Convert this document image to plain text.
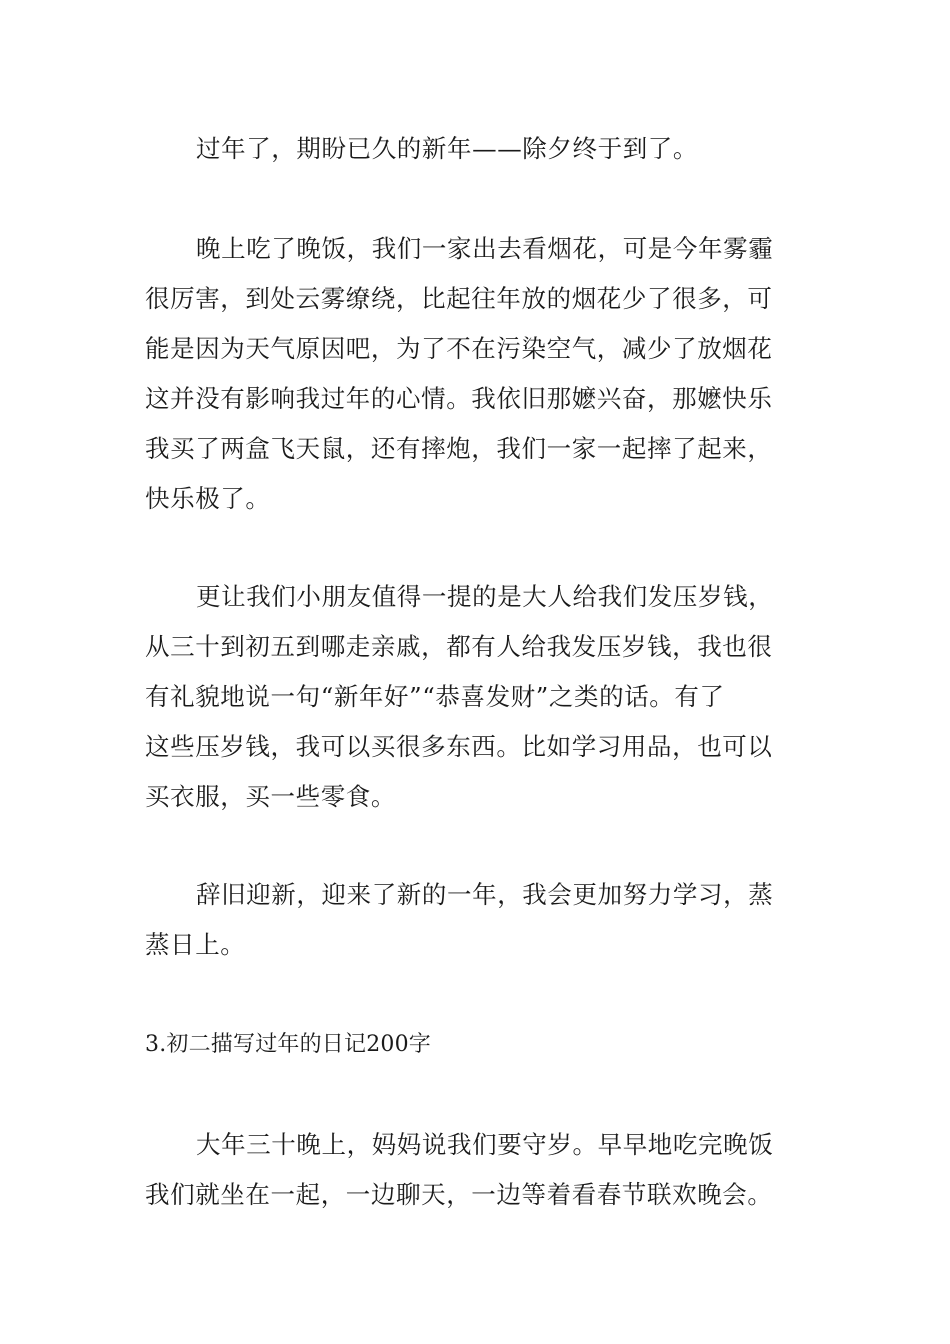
过年了，期盼已久的新年——除夕终于到了。
晚上吃了晚饭，我们一家出去看烟花，可是今年雾霾
很厉害，到处云雾缭绕，比起往年放的烟花少了很多，可
能是因为天气原因吧，为了不在污染空气，减少了放烟花
这并没有影响我过年的心情。我依旧那嬷兴奋，那嬷快乐
我买了两盒飞天鼠，还有摔炮，我们一家一起摔了起来，
快乐极了。
更让我们小朋友值得一提的是大人给我们发压岁钱，
从三十到初五到哪走亲戚，都有人给我发压岁钱，我也很
有礼貌地说一句“新年好”“恭喜发财”之类的话。有了
这些压岁钱，我可以买很多东西。比如学习用品，也可以
买衣服，买一些零食。
辞旧迎新，迎来了新的一年，我会更加努力学习，蒸
蒸日上。
3.初二描写过年的日记200字
大年三十晚上，妈妈说我们要守岁。早早地吃完晚饭
我们就坐在一起，一边聊天，一边等着看春节联欢晚会。
